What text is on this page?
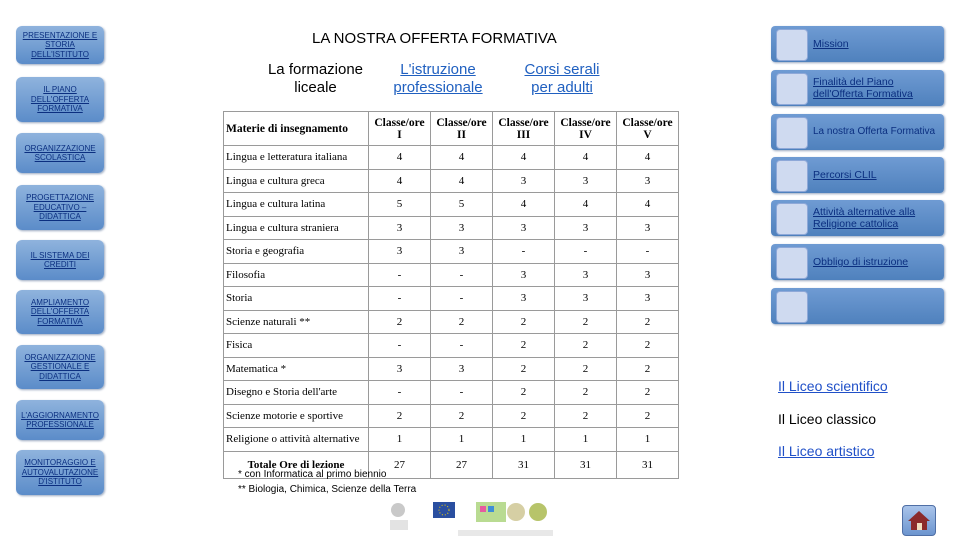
PRESENTAZIONE E STORIA DELL'ISTITUTO
IL PIANO DELL'OFFERTA FORMATIVA
ORGANIZZAZIONE SCOLASTICA
PROGETTAZIONE EDUCATIVO – DIDATTICA
IL SISTEMA DEI CREDITI
AMPLIAMENTO DELL'OFFERTA FORMATIVA
ORGANIZZAZIONE GESTIONALE E DIDATTICA
L'AGGIORNAMENTO PROFESSIONALE
MONITORAGGIO E AUTOVALUTAZIONE D'ISTITUTO
LA NOSTRA OFFERTA FORMATIVA
La formazione liceale
L'istruzione professionale
Corsi serali per adulti
Materie di insegnamento	Classe/ore I	Classe/ore II	Classe/ore III	Classe/ore IV	Classe/ore V
Lingua e letteratura italiana	4	4	4	4	4
Lingua e cultura greca	4	4	3	3	3
Lingua e cultura latina	5	5	4	4	4
Lingua e cultura straniera	3	3	3	3	3
Storia e geografia	3	3	-	-	-
Filosofia	-	-	3	3	3
Storia	-	-	3	3	3
Scienze naturali **	2	2	2	2	2
Fisica	-	-	2	2	2
Matematica *	3	3	2	2	2
Disegno e Storia dell'arte	-	-	2	2	2
Scienze motorie e sportive	2	2	2	2	2
Religione o attività alternative	1	1	1	1	1
Totale Ore di lezione	27	27	31	31	31
* con Informatica al primo biennio
** Biologia, Chimica, Scienze della Terra
Mission
Finalità del Piano dell'Offerta Formativa
La nostra Offerta Formativa
Percorsi CLIL
Attività alternative alla Religione cattolica
Obbligo di istruzione
Il Liceo scientifico
Il Liceo classico
Il Liceo artistico
